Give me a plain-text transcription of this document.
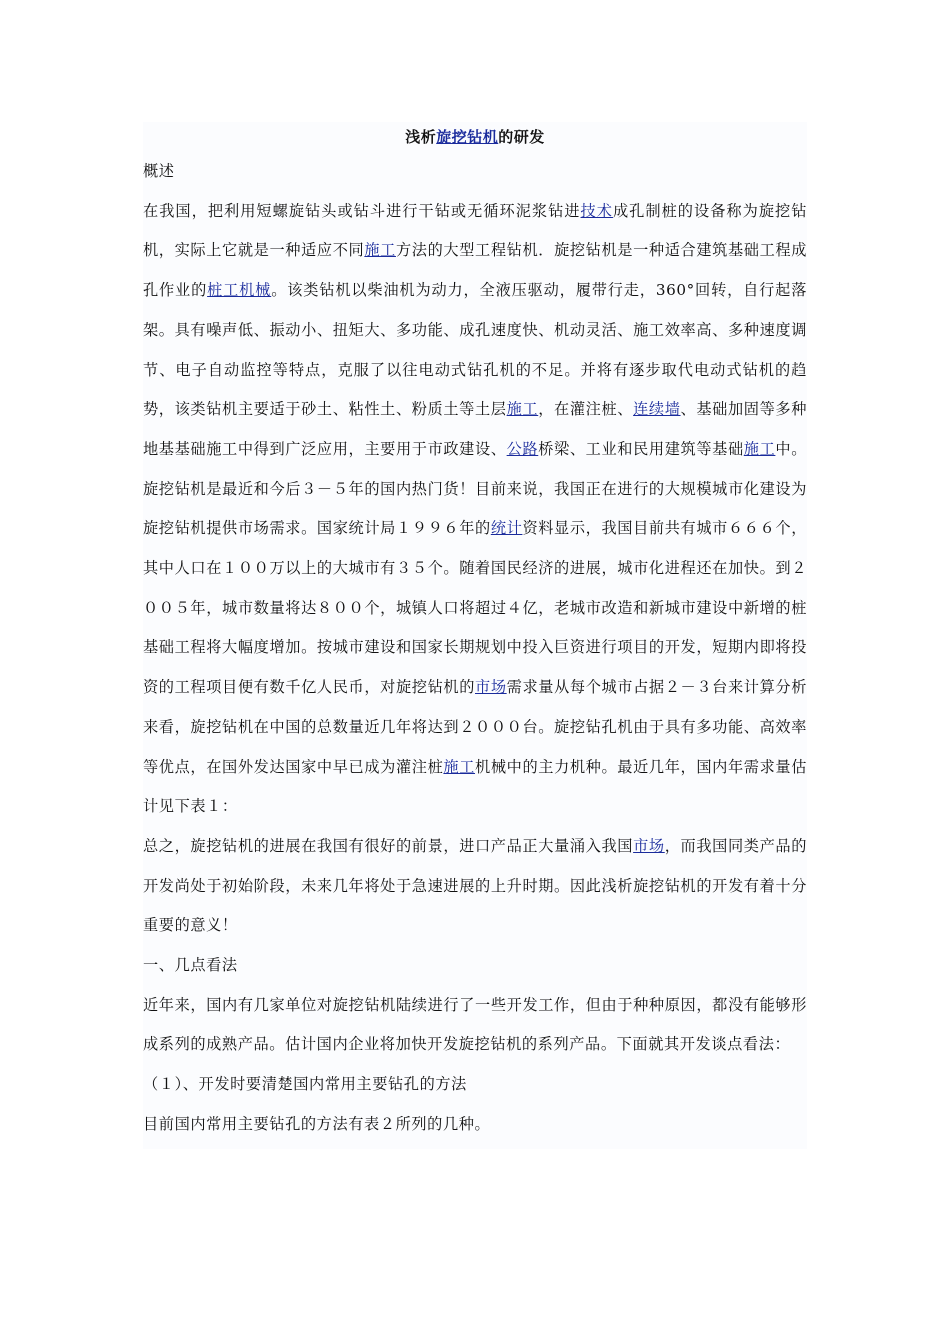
浅析旋挖钻机的研发

概述

在我国，把利用短螺旋钻头或钻斗进行干钻或无循环泥浆钻进技术成孔制桩的设备称为旋挖钻机，实际上它就是一种适应不同施工方法的大型工程钻机．旋挖钻机是一种适合建筑基础工程成孔作业的桩工机械。该类钻机以柴油机为动力，全液压驱动，履带行走，360°回转，自行起落架。具有噪声低、振动小、扭矩大、多功能、成孔速度快、机动灵活、施工效率高、多种速度调节、电子自动监控等特点，克服了以往电动式钻孔机的不足。并将有逐步取代电动式钻机的趋势，该类钻机主要适于砂土、粘性土、粉质土等土层施工，在灌注桩、连续墙、基础加固等多种地基基础施工中得到广泛应用，主要用于市政建设、公路桥梁、工业和民用建筑等基础施工中。旋挖钻机是最近和今后３－５年的国内热门货！目前来说，我国正在进行的大规模城市化建设为旋挖钻机提供市场需求。国家统计局１９９６年的统计资料显示，我国目前共有城市６６６个，其中人口在１００万以上的大城市有３５个。随着国民经济的进展，城市化进程还在加快。到２００５年，城市数量将达８００个，城镇人口将超过４亿，老城市改造和新城市建设中新增的桩基础工程将大幅度增加。按城市建设和国家长期规划中投入巨资进行项目的开发，短期内即将投资的工程项目便有数千亿人民币，对旋挖钻机的市场需求量从每个城市占据２－３台来计算分析来看，旋挖钻机在中国的总数量近几年将达到２０００台。旋挖钻孔机由于具有多功能、高效率等优点，在国外发达国家中早已成为灌注桩施工机械中的主力机种。最近几年，国内年需求量估计见下表１：

总之，旋挖钻机的进展在我国有很好的前景，进口产品正大量涌入我国市场，而我国同类产品的开发尚处于初始阶段，未来几年将处于急速进展的上升时期。因此浅析旋挖钻机的开发有着十分重要的意义！

一、几点看法

近年来，国内有几家单位对旋挖钻机陆续进行了一些开发工作，但由于种种原因，都没有能够形成系列的成熟产品。估计国内企业将加快开发旋挖钻机的系列产品。下面就其开发谈点看法：

（１）、开发时要清楚国内常用主要钻孔的方法

目前国内常用主要钻孔的方法有表２所列的几种。
